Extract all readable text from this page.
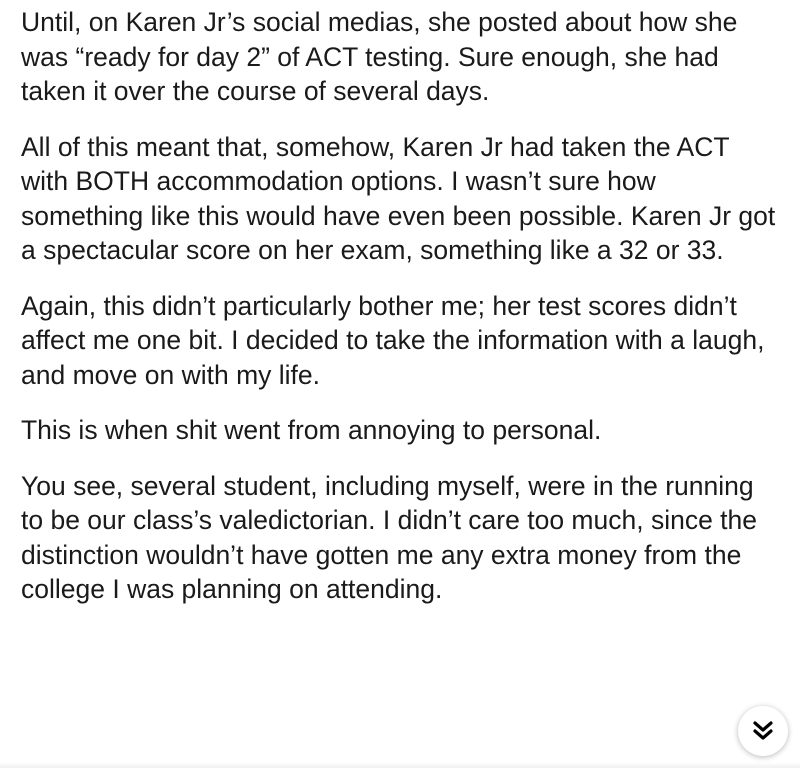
Until, on Karen Jr’s social medias, she posted about how she was “ready for day 2” of ACT testing. Sure enough, she had taken it over the course of several days.

All of this meant that, somehow, Karen Jr had taken the ACT with BOTH accommodation options. I wasn’t sure how something like this would have even been possible. Karen Jr got a spectacular score on her exam, something like a 32 or 33.

Again, this didn’t particularly bother me; her test scores didn’t affect me one bit. I decided to take the information with a laugh, and move on with my life.

This is when shit went from annoying to personal.

You see, several student, including myself, were in the running to be our class’s valedictorian. I didn’t care too much, since the distinction wouldn’t have gotten me any extra money from the college I was planning on attending.
